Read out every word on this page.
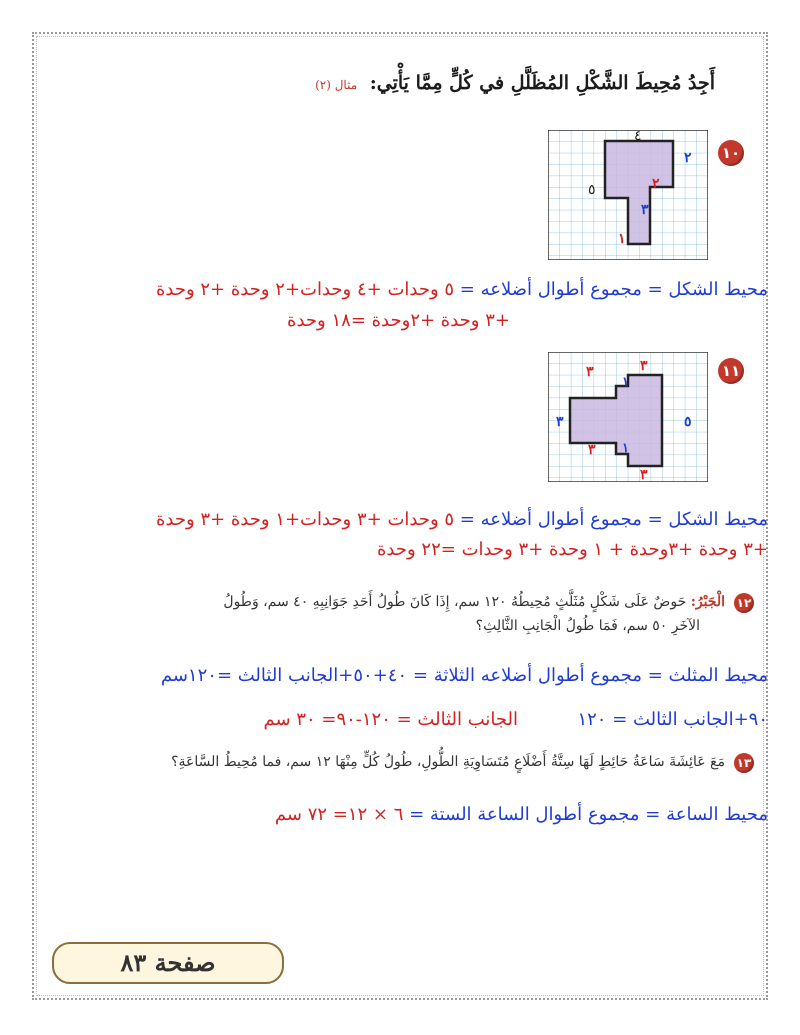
أَجِدُ مُحِيطَ الشَّكْلِ المُظَلَّلِ في كُلٍّ مِمَّا يَأْتِي: مثال (٢)
١٠
٤
٢
٥	٢
٣
١
محيط الشكل = مجموع أطوال أضلاعه = ٥ وحدات +٤ وحدات+٢ وحدة +٢ وحدة
+٣ وحدة +٢وحدة =١٨ وحدة
١١
٣	٣
١
٣	٥
٣ ١
٣
محيط الشكل = مجموع أطوال أضلاعه = ٥ وحدات +٣ وحدات+١ وحدة +٣ وحدة
+٣ وحدة +٣وحدة + ١ وحدة +٣ وحدات =٢٢ وحدة
١٢
الْجَبْرُ: حَوضٌ عَلَى شَكْلٍ مُثَلَّثٍ مُحِيطُهُ ١٢٠ سم، إِذَا كَانَ طُولُ أَحَدِ جَوَانِبِهِ ٤٠ سم، وَطُولُ
الآخَرِ ٥٠ سم، فَمَا طُولُ الْجَانِبِ الثَّالِثِ؟
محيط المثلث = مجموع أطوال أضلاعه الثلاثة = ٤٠+٥٠+الجانب الثالث =١٢٠سم
٩٠+الجانب الثالث = ١٢٠  الجانب الثالث = ١٢٠-٩٠= ٣٠ سم
١٣
مَعَ عَائِشَةَ سَاعَةُ حَائِطٍ لَهَا سِتَّةُ أَضْلَاعٍ مُتَسَاوِيَةِ الطُّولِ، طُولُ كُلٍّ مِنْهَا ١٢ سم، فما مُحِيطُ السَّاعَةِ؟
محيط الساعة = مجموع أطوال الساعة الستة = ٦ × ١٢= ٧٢ سم
صفحة ٨٣
